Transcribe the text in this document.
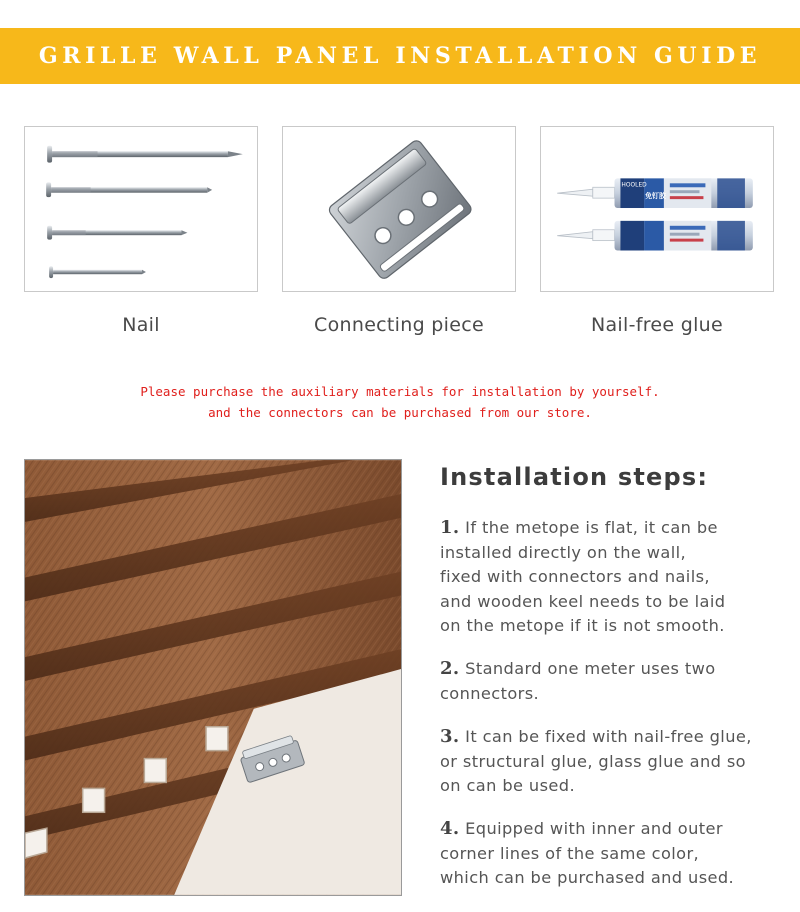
GRILLE WALL PANEL INSTALLATION GUIDE
Nail	Connecting piece
HOOLED
免钉胶
Nail-free glue
Please purchase the auxiliary materials for installation by yourself.
and the connectors can be purchased from our store.
Installation steps:
1. If the metope is flat, it can be
installed directly on the wall,
fixed with connectors and nails,
and wooden keel needs to be laid
on the metope if it is not smooth.
2. Standard one meter uses two
connectors.
3. It can be fixed with nail-free glue,
or structural glue, glass glue and so
on can be used.
4. Equipped with inner and outer
corner lines of the same color,
which can be purchased and used.
